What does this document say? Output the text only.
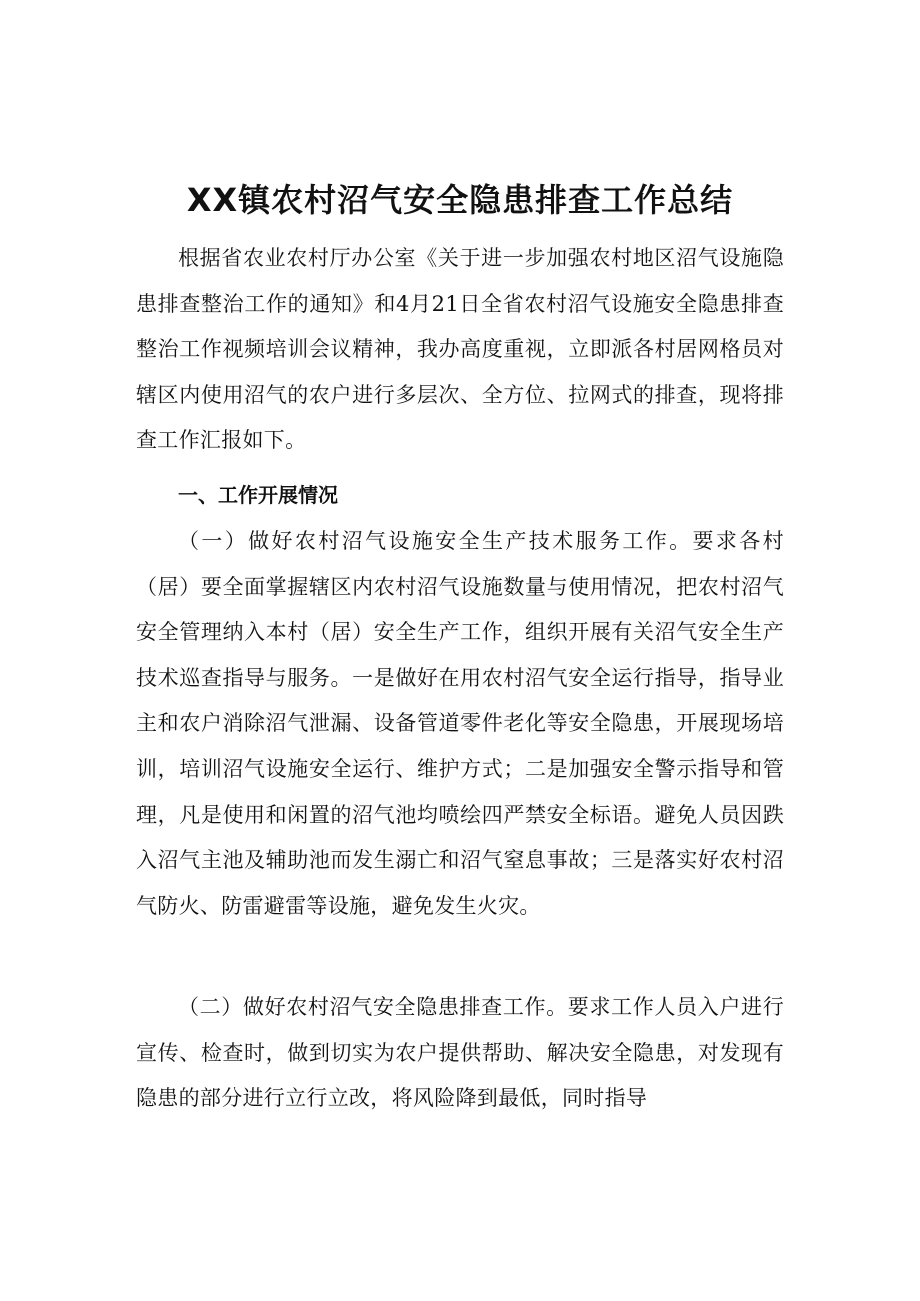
XX镇农村沼气安全隐患排查工作总结

根据省农业农村厅办公室《关于进一步加强农村地区沼气设施隐患排查整治工作的通知》和4月21日全省农村沼气设施安全隐患排查整治工作视频培训会议精神，我办高度重视，立即派各村居网格员对辖区内使用沼气的农户进行多层次、全方位、拉网式的排查，现将排查工作汇报如下。

一、工作开展情况

（一）做好农村沼气设施安全生产技术服务工作。要求各村（居）要全面掌握辖区内农村沼气设施数量与使用情况，把农村沼气安全管理纳入本村（居）安全生产工作，组织开展有关沼气安全生产技术巡查指导与服务。一是做好在用农村沼气安全运行指导，指导业主和农户消除沼气泄漏、设备管道零件老化等安全隐患，开展现场培训，培训沼气设施安全运行、维护方式；二是加强安全警示指导和管理，凡是使用和闲置的沼气池均喷绘四严禁安全标语。避免人员因跌入沼气主池及辅助池而发生溺亡和沼气窒息事故；三是落实好农村沼气防火、防雷避雷等设施，避免发生火灾。

（二）做好农村沼气安全隐患排查工作。要求工作人员入户进行宣传、检查时，做到切实为农户提供帮助、解决安全隐患，对发现有隐患的部分进行立行立改，将风险降到最低，同时指导
